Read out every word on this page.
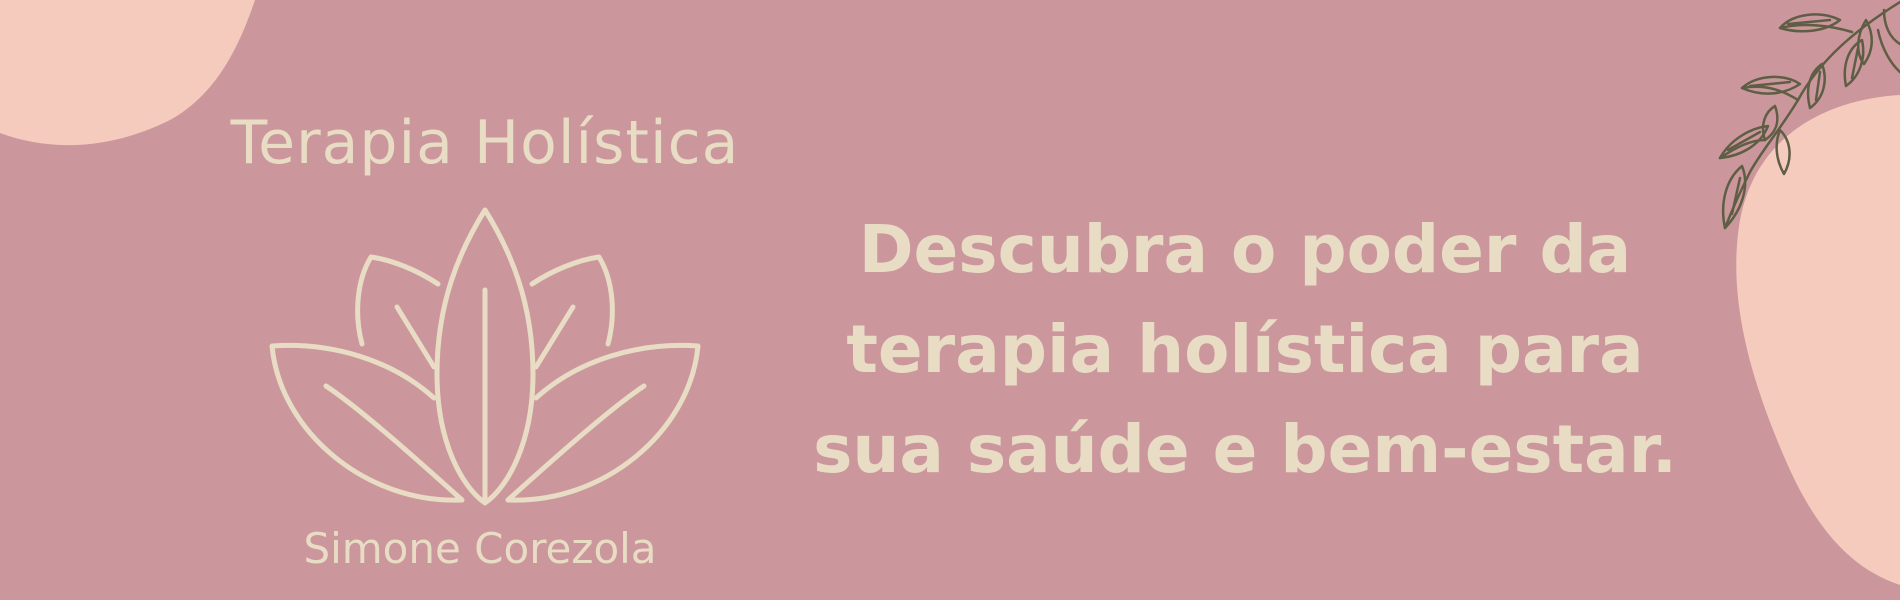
Terapia Holística
Simone Corezola
Descubra o poder da
terapia holística para
sua saúde e bem-estar.
